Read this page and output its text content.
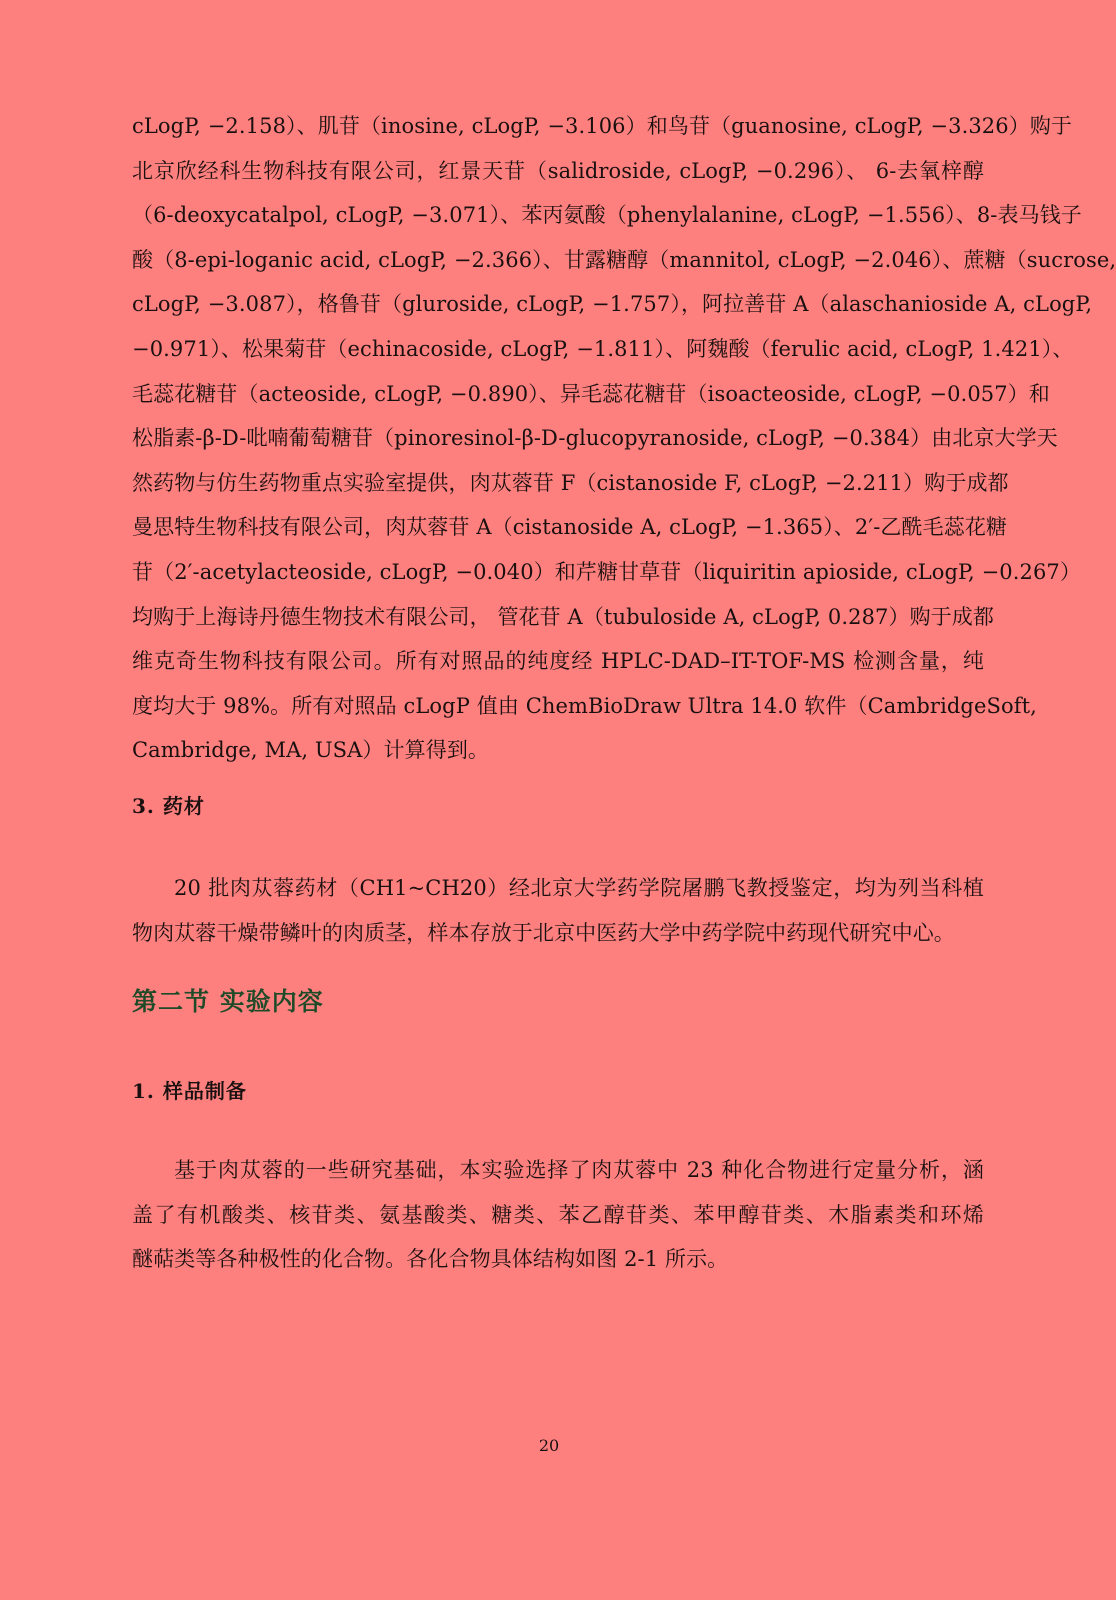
cLogP, −2.158）、肌苷（inosine, cLogP, −3.106）和鸟苷（guanosine, cLogP, −3.326）购于
北京欣经科生物科技有限公司，红景天苷（salidroside, cLogP, −0.296）、 6-去氧梓醇
（6-deoxycatalpol, cLogP, −3.071）、苯丙氨酸（phenylalanine, cLogP, −1.556）、8-表马钱子
酸（8-epi-loganic acid, cLogP, −2.366）、甘露糖醇（mannitol, cLogP, −2.046）、蔗糖（sucrose,
cLogP, −3.087），格鲁苷（gluroside, cLogP, −1.757），阿拉善苷 A（alaschanioside A, cLogP,
−0.971）、松果菊苷（echinacoside, cLogP, −1.811）、阿魏酸（ferulic acid, cLogP, 1.421）、
毛蕊花糖苷（acteoside, cLogP, −0.890）、异毛蕊花糖苷（isoacteoside, cLogP, −0.057）和
松脂素-β-D-吡喃葡萄糖苷（pinoresinol-β-D-glucopyranoside, cLogP, −0.384）由北京大学天
然药物与仿生药物重点实验室提供，肉苁蓉苷 F（cistanoside F, cLogP, −2.211）购于成都
曼思特生物科技有限公司，肉苁蓉苷 A（cistanoside A, cLogP, −1.365）、2′-乙酰毛蕊花糖
苷（2′-acetylacteoside, cLogP, −0.040）和芹糖甘草苷（liquiritin apioside, cLogP, −0.267）
均购于上海诗丹德生物技术有限公司， 管花苷 A（tubuloside A, cLogP, 0.287）购于成都
维克奇生物科技有限公司。所有对照品的纯度经 HPLC-DAD–IT-TOF-MS 检测含量，纯
度均大于 98%。所有对照品 cLogP 值由 ChemBioDraw Ultra 14.0 软件（CambridgeSoft,
Cambridge, MA, USA）计算得到。

3. 药材

20 批肉苁蓉药材（CH1~CH20）经北京大学药学院屠鹏飞教授鉴定，均为列当科植
物肉苁蓉干燥带鳞叶的肉质茎，样本存放于北京中医药大学中药学院中药现代研究中心。

第二节 实验内容
1. 样品制备

基于肉苁蓉的一些研究基础，本实验选择了肉苁蓉中 23 种化合物进行定量分析，涵
盖了有机酸类、核苷类、氨基酸类、糖类、苯乙醇苷类、苯甲醇苷类、木脂素类和环烯
醚萜类等各种极性的化合物。各化合物具体结构如图 2-1 所示。

20
